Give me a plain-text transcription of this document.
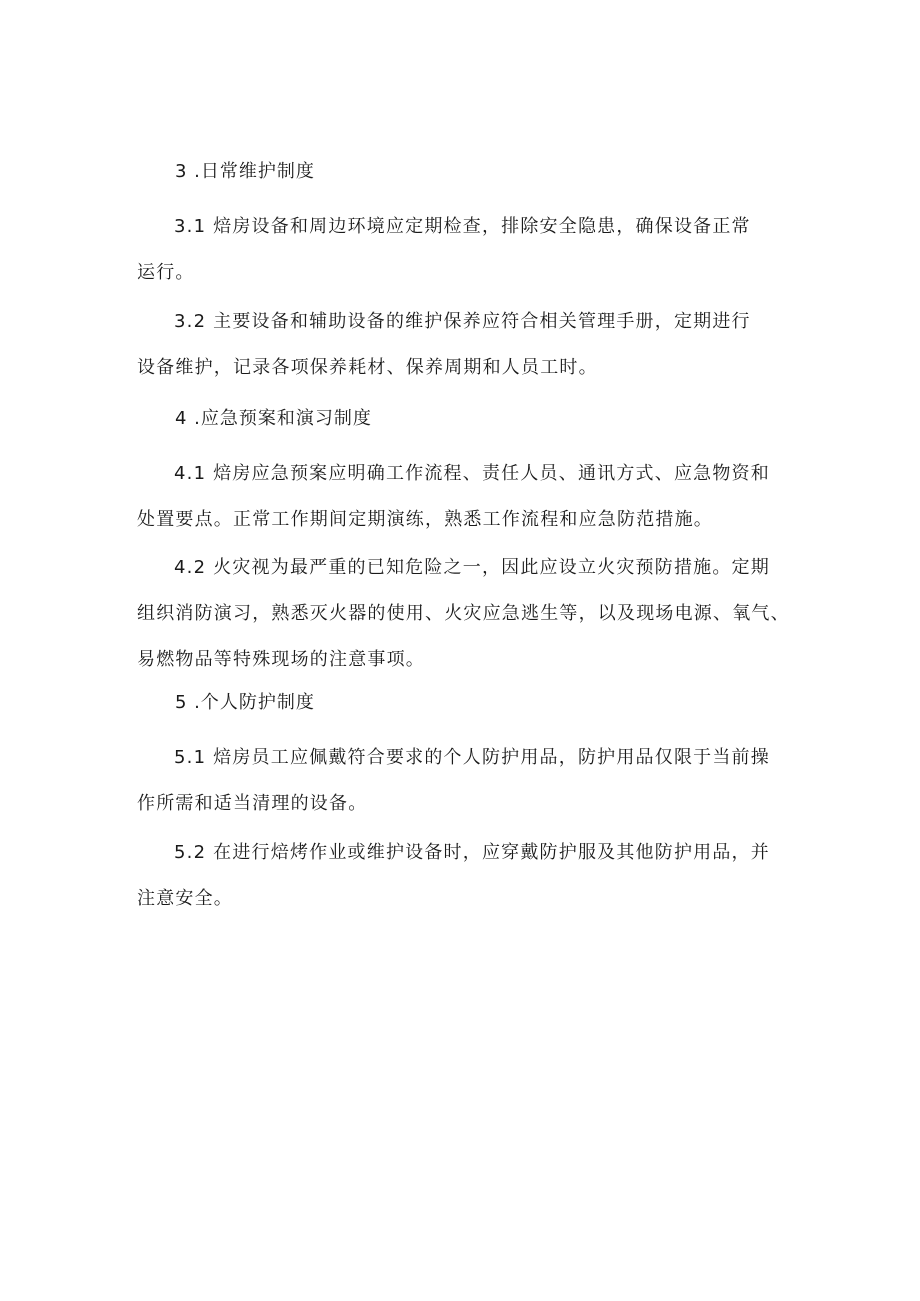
3 .日常维护制度
3.1 焙房设备和周边环境应定期检查，排除安全隐患，确保设备正常
运行。
3.2 主要设备和辅助设备的维护保养应符合相关管理手册，定期进行
设备维护，记录各项保养耗材、保养周期和人员工时。
4 .应急预案和演习制度
4.1 焙房应急预案应明确工作流程、责任人员、通讯方式、应急物资和
处置要点。正常工作期间定期演练，熟悉工作流程和应急防范措施。
4.2 火灾视为最严重的已知危险之一，因此应设立火灾预防措施。定期
组织消防演习，熟悉灭火器的使用、火灾应急逃生等，以及现场电源、氧气、
易燃物品等特殊现场的注意事项。
5 .个人防护制度
5.1 焙房员工应佩戴符合要求的个人防护用品，防护用品仅限于当前操
作所需和适当清理的设备。
5.2 在进行焙烤作业或维护设备时，应穿戴防护服及其他防护用品，并
注意安全。
